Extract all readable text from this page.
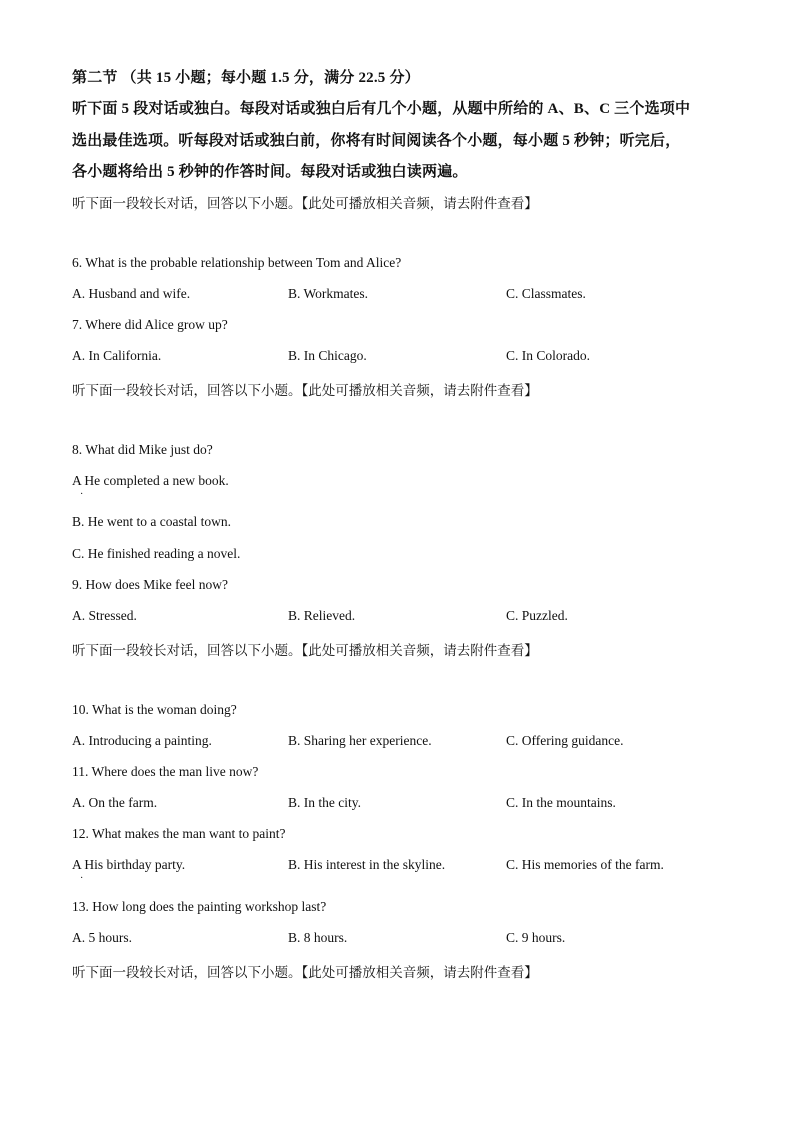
第二节 （共 15 小题；每小题 1.5 分，满分 22.5 分）
听下面 5 段对话或独白。每段对话或独白后有几个小题，从题中所给的 A、B、C 三个选项中
选出最佳选项。听每段对话或独白前，你将有时间阅读各个小题，每小题 5 秒钟；听完后，
各小题将给出 5 秒钟的作答时间。每段对话或独白读两遍。
听下面一段较长对话，回答以下小题。【此处可播放相关音频，请去附件查看】
6. What is the probable relationship between Tom and Alice?
A. Husband and wife.	B. Workmates.	C. Classmates.
7. Where did Alice grow up?
A. In California.	B. In Chicago.	C. In Colorado.
听下面一段较长对话，回答以下小题。【此处可播放相关音频，请去附件查看】
8. What did Mike just do?
A He completed a new book.
·
B. He went to a coastal town.
C. He finished reading a novel.
9. How does Mike feel now?
A. Stressed.	B. Relieved.	C. Puzzled.
听下面一段较长对话，回答以下小题。【此处可播放相关音频，请去附件查看】
10. What is the woman doing?
A. Introducing a painting.	B. Sharing her experience.	C. Offering guidance.
11. Where does the man live now?
A. On the farm.	B. In the city.	C. In the mountains.
12. What makes the man want to paint?
A His birthday party.
·
B. His interest in the skyline.	C. His memories of the farm.
13. How long does the painting workshop last?
A. 5 hours.	B. 8 hours.	C. 9 hours.
听下面一段较长对话，回答以下小题。【此处可播放相关音频，请去附件查看】
